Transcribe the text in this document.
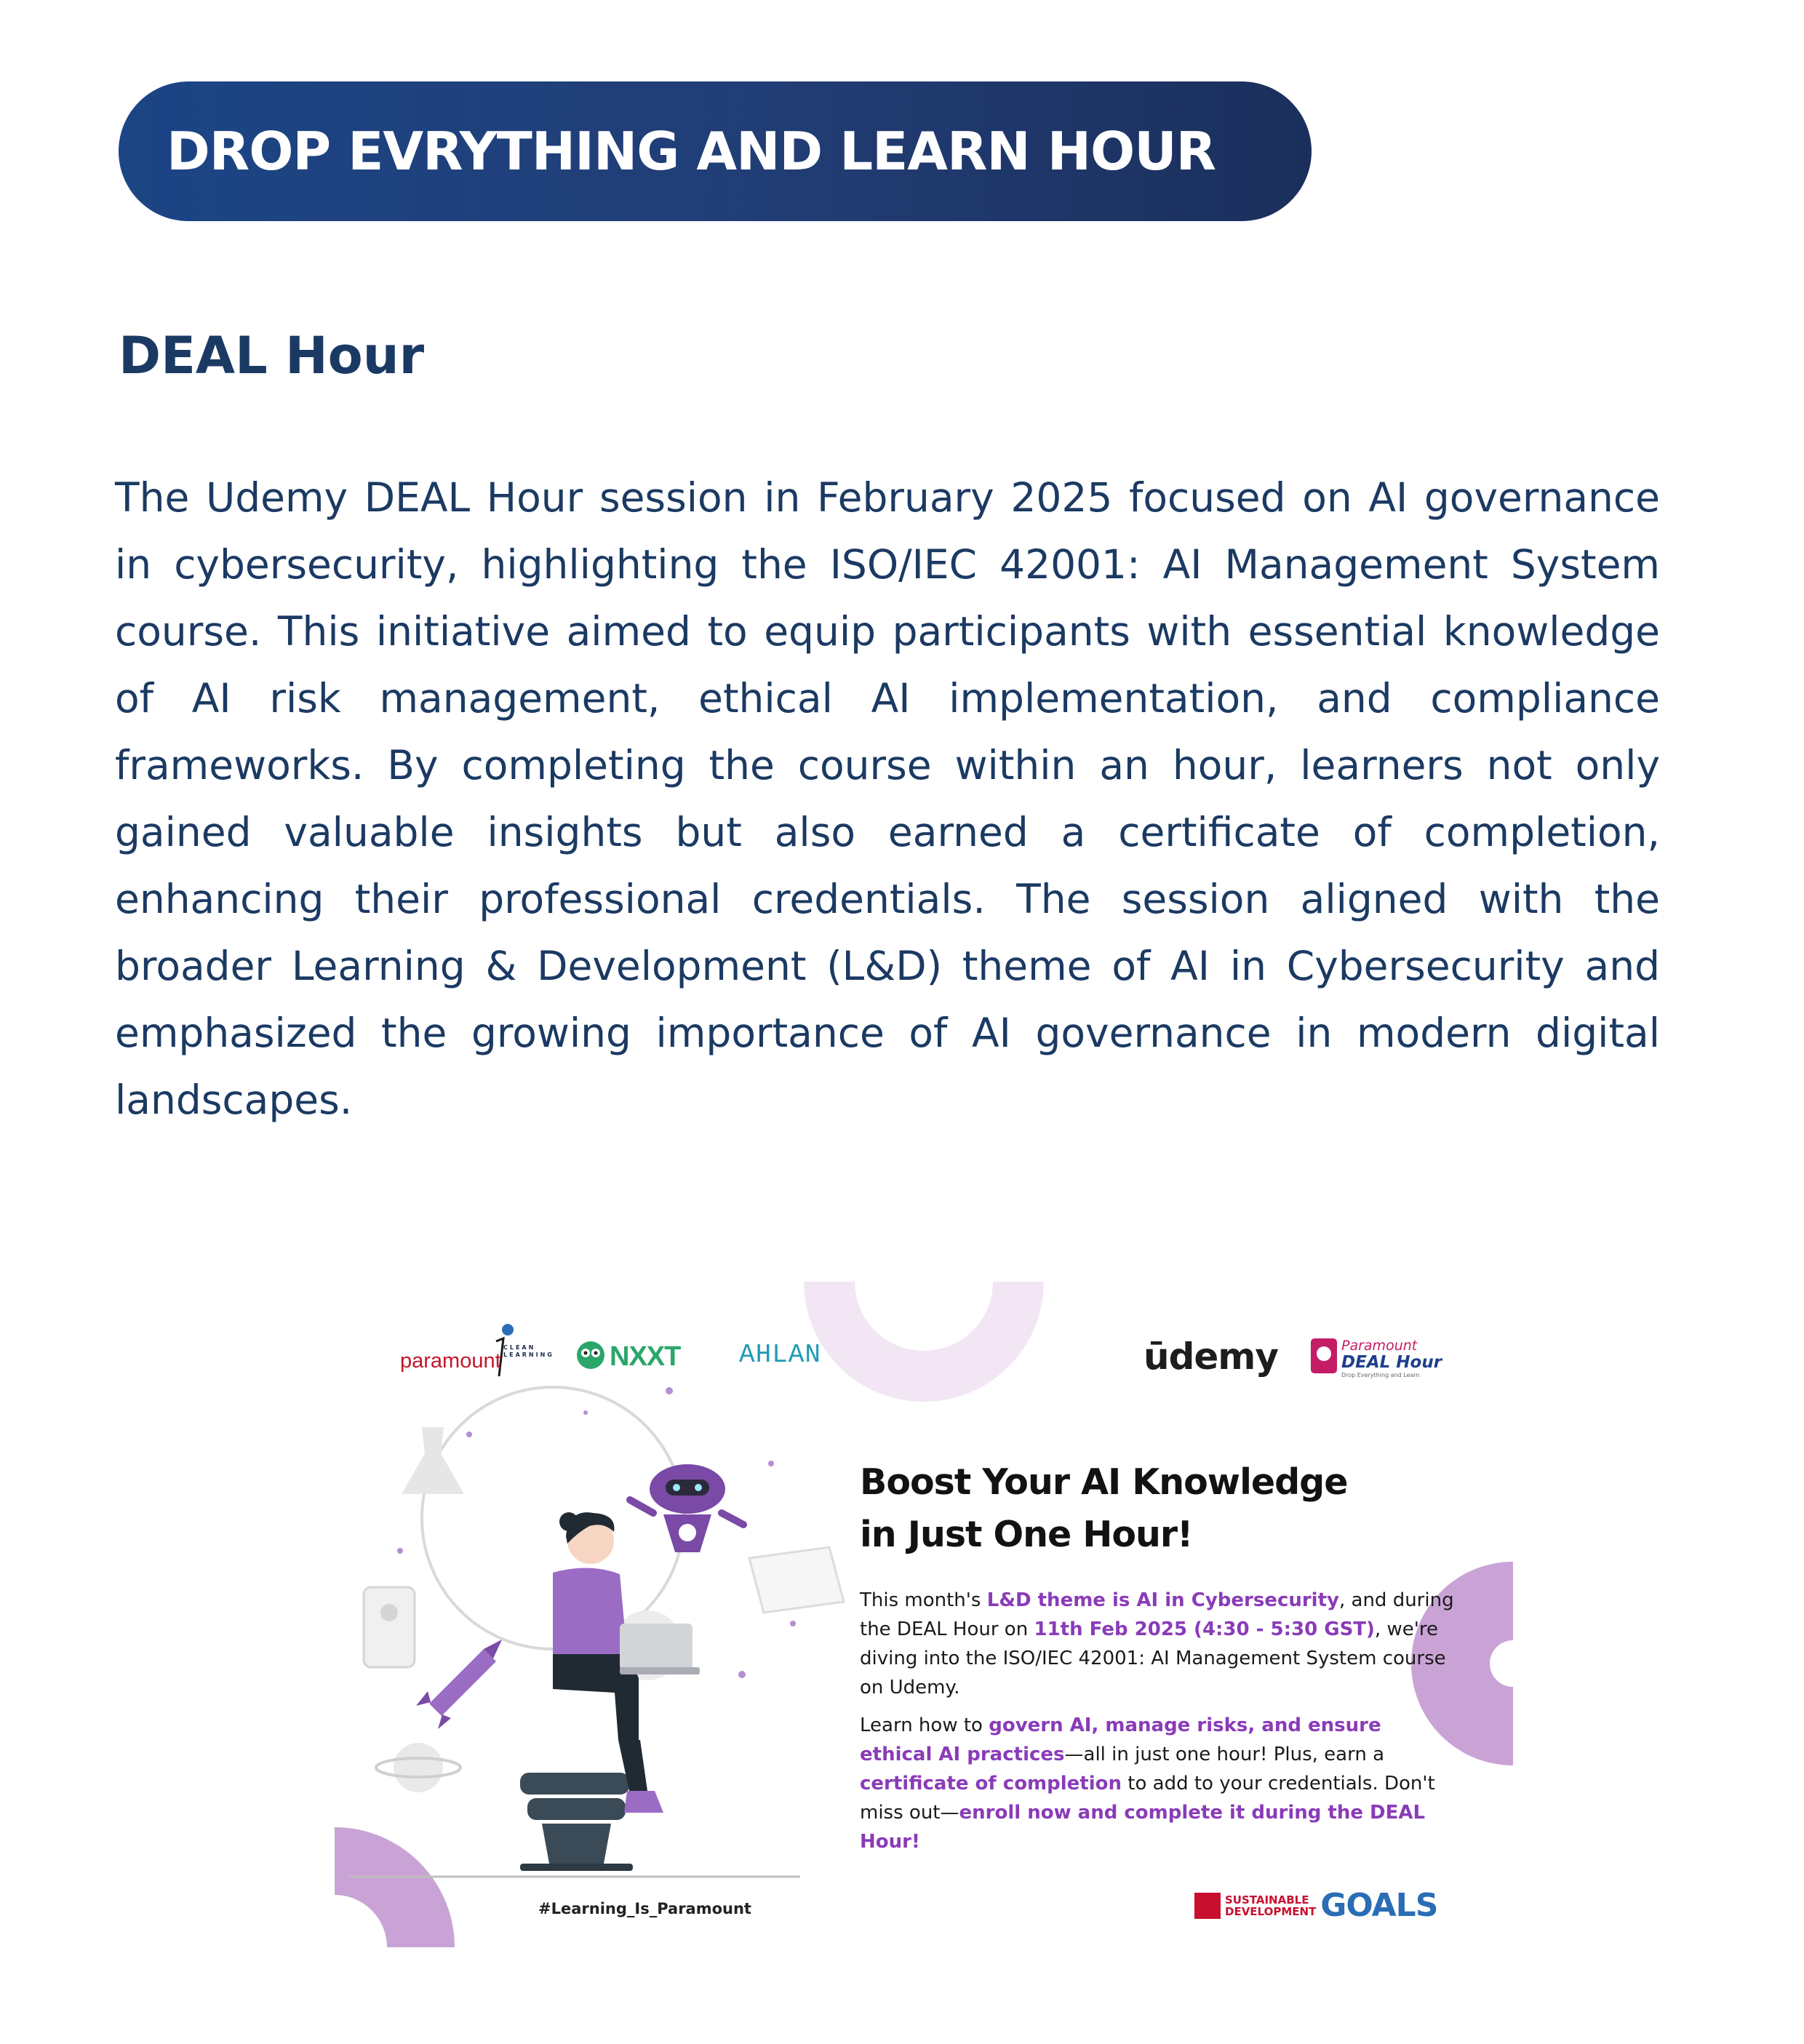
DROP EVRYTHING AND LEARN HOUR
DEAL Hour

The Udemy DEAL Hour session in February 2025 focused on AI governance in cybersecurity, highlighting the ISO/IEC 42001: AI Management System course. This initiative aimed to equip participants with essential knowledge of AI risk management, ethical AI implementation, and compliance frameworks. By completing the course within an hour, learners not only gained valuable insights but also earned a certificate of completion, enhancing their professional credentials. The session aligned with the broader Learning & Development (L&D) theme of AI in Cybersecurity and emphasized the growing importance of AI governance in modern digital landscapes.

paramount
CLEAN
LEARNING NXXT AHLAN	ūdemy	Paramount
DEAL Hour
Drop Everything and Learn
Boost Your AI Knowledge
in Just One Hour!

This month's L&D theme is AI in Cybersecurity, and during the DEAL Hour on 11th Feb 2025 (4:30 - 5:30 GST), we're diving into the ISO/IEC 42001: AI Management System course on Udemy.

Learn how to govern AI, manage risks, and ensure ethical AI practices—all in just one hour! Plus, earn a certificate of completion to add to your credentials. Don't miss out—enroll now and complete it during the DEAL Hour!

#Learning_Is_Paramount
SUSTAINABLE
DEVELOPMENT GOALS
